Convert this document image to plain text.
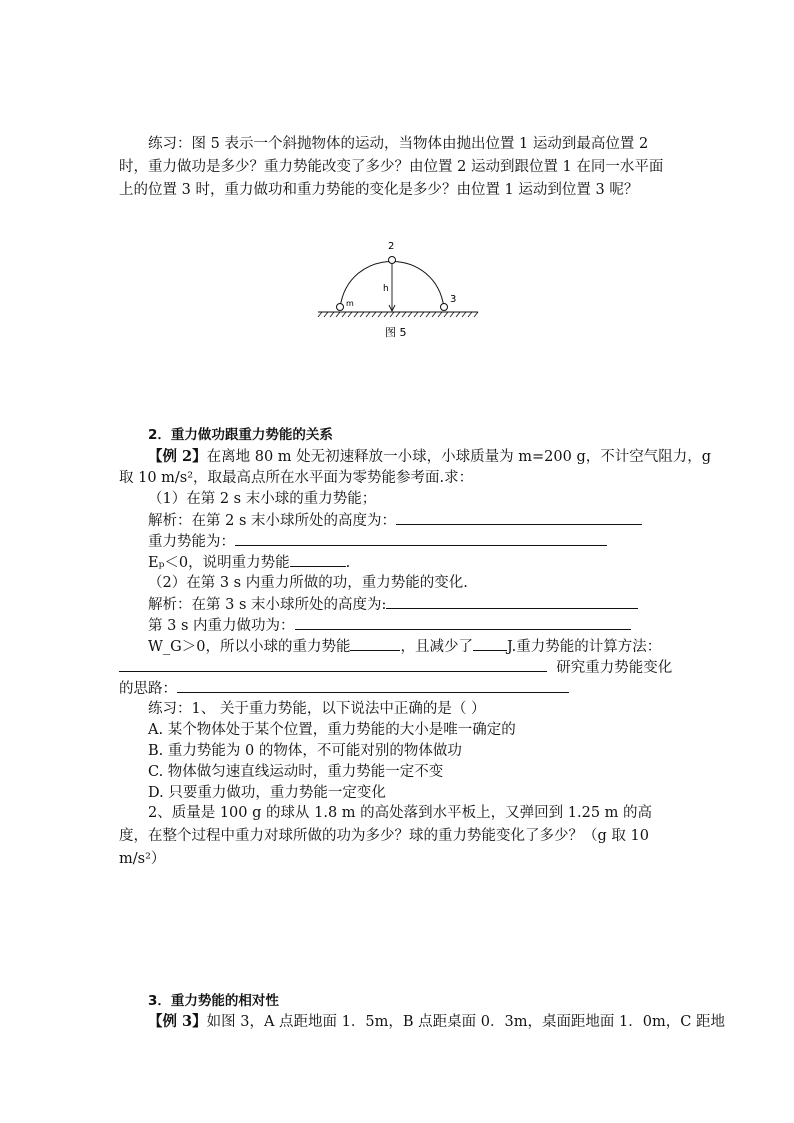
练习：图 5 表示一个斜抛物体的运动，当物体由抛出位置 1 运动到最高位置 2 时，重力做功是多少？重力势能改变了多少？由位置 2 运动到跟位置 1 在同一水平面上的位置 3 时，重力做功和重力势能的变化是多少？由位置 1 运动到位置 3 呢？
2
m
h
3
图 5
2．重力做功跟重力势能的关系
【例 2】在离地 80 m 处无初速释放一小球，小球质量为 m=200 g，不计空气阻力，g
取 10 m/s²，取最高点所在水平面为零势能参考面.求：
（1）在第 2 s 末小球的重力势能；
解析：在第 2 s 末小球所处的高度为：
重力势能为：
Eₚ＜0，说明重力势能	.
（2）在第 3 s 内重力所做的功，重力势能的变化.
解析：在第 3 s 末小球所处的高度为:
第 3 s 内重力做功为：
W_G＞0，所以小球的重力势能	，且减少了 J.重力势能的计算方法：
研究重力势能变化
的思路：
练习：1、 关于重力势能，以下说法中正确的是（ ）
A. 某个物体处于某个位置，重力势能的大小是唯一确定的
B. 重力势能为 0 的物体，不可能对别的物体做功
C. 物体做匀速直线运动时，重力势能一定不变
D. 只要重力做功，重力势能一定变化
2、质量是 100 g 的球从 1.8 m 的高处落到水平板上，又弹回到 1.25 m 的高度，在整个过程中重力对球所做的功为多少？球的重力势能变化了多少？（g 取 10 m/s²）
3．重力势能的相对性
【例 3】如图 3，A 点距地面 1．5m，B 点距桌面 0．3m，桌面距地面 1．0m，C 距地
